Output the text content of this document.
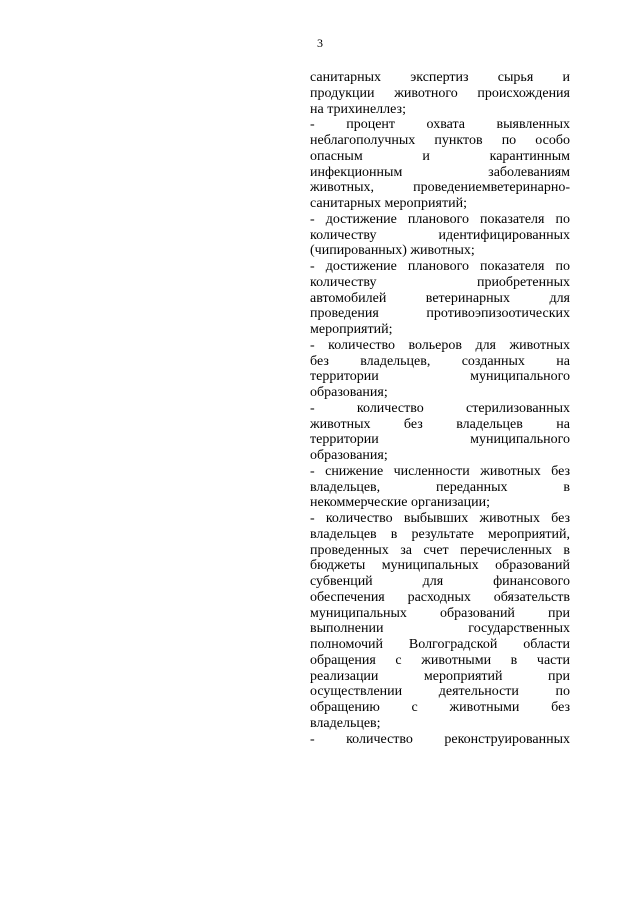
3
санитарных экспертиз сырья и
продукции животного происхождения
на трихинеллез;
- процент охвата выявленных
неблагополучных пунктов по особо
опасным и карантинным
инфекционным заболеваниям
животных, проведениемветеринарно-
санитарных мероприятий;
- достижение планового показателя по
количеству идентифицированных
(чипированных) животных;
- достижение планового показателя по
количеству приобретенных
автомобилей ветеринарных для
проведения противоэпизоотических
мероприятий;
- количество вольеров для животных
без владельцев, созданных на
территории муниципального
образования;
- количество стерилизованных
животных без владельцев на
территории муниципального
образования;
- снижение численности животных без
владельцев, переданных в
некоммерческие организации;
- количество выбывших животных без
владельцев в результате мероприятий,
проведенных за счет перечисленных в
бюджеты муниципальных образований
субвенций для финансового
обеспечения расходных обязательств
муниципальных образований при
выполнении государственных
полномочий Волгоградской области
обращения с животными в части
реализации мероприятий при
осуществлении деятельности по
обращению с животными без
владельцев;
- количество реконструированных
